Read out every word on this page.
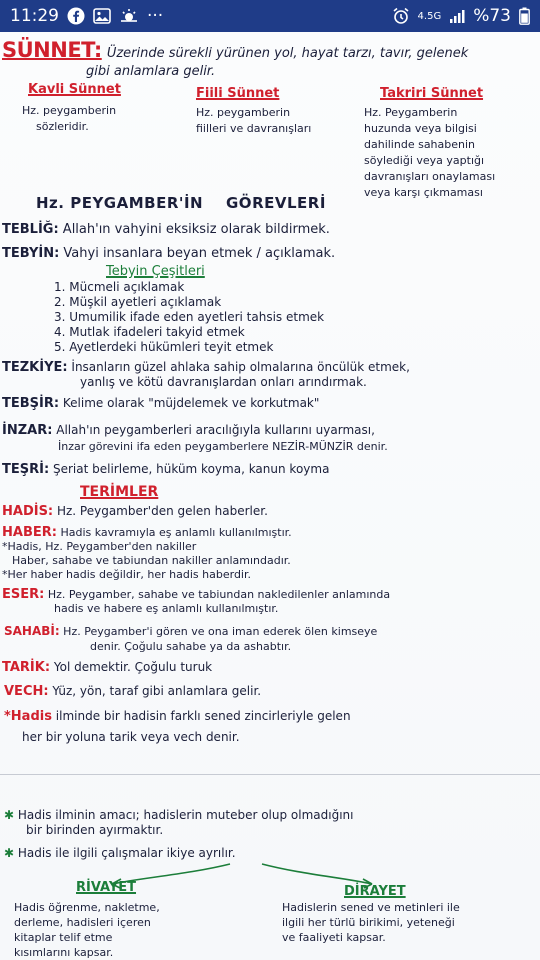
11:29	···	4.5G %73
SÜNNET: Üzerinde sürekli yürünen yol, hayat tarzı, tavır, gelenek
gibi anlamlara gelir.
Kavli Sünnet
Hz. peygamberin
sözleridir.
Fiili Sünnet
Hz. peygamberin
fiilleri ve davranışları
Takriri Sünnet
Hz. Peygamberin
huzunda veya bilgisi
dahilinde sahabenin
söylediği veya yaptığı
davranışları onaylaması
veya karşı çıkmaması
Hz. PEYGAMBER'İN    GÖREVLERİ
TEBLİĞ: Allah'ın vahyini eksiksiz olarak bildirmek.
TEBYİN: Vahyi insanlara beyan etmek / açıklamak.
Tebyin Çeşitleri
1. Mücmeli açıklamak
2. Müşkil ayetleri açıklamak
3. Umumilik ifade eden ayetleri tahsis etmek
4. Mutlak ifadeleri takyid etmek
5. Ayetlerdeki hükümleri teyit etmek
TEZKİYE: İnsanların güzel ahlaka sahip olmalarına öncülük etmek,
yanlış ve kötü davranışlardan onları arındırmak.
TEBŞİR: Kelime olarak "müjdelemek ve korkutmak"
İNZAR: Allah'ın peygamberleri aracılığıyla kullarını uyarması,
İnzar görevini ifa eden peygamberlere NEZİR-MÜNZİR denir.
TEŞRİ: Şeriat belirleme, hüküm koyma, kanun koyma
TERİMLER
HADİS: Hz. Peygamber'den gelen haberler.
HABER: Hadis kavramıyla eş anlamlı kullanılmıştır.
*Hadis, Hz. Peygamber'den nakiller
Haber, sahabe ve tabiundan nakiller anlamındadır.
*Her haber hadis değildir, her hadis haberdir.
ESER: Hz. Peygamber, sahabe ve tabiundan nakledilenler anlamında
hadis ve habere eş anlamlı kullanılmıştır.
SAHABİ: Hz. Peygamber'i gören ve ona iman ederek ölen kimseye
denir. Çoğulu sahabe ya da ashabtır.
TARİK: Yol demektir. Çoğulu turuk
VECH: Yüz, yön, taraf gibi anlamlara gelir.
*Hadis ilminde bir hadisin farklı sened zincirleriyle gelen
her bir yoluna tarik veya vech denir.
✱ Hadis ilminin amacı; hadislerin muteber olup olmadığını
bir birinden ayırmaktır.
✱ Hadis ile ilgili çalışmalar ikiye ayrılır.
RİVAYET
Hadis öğrenme, nakletme,
derleme, hadisleri içeren
kitaplar telif etme
kısımlarını kapsar.
DİRAYET
Hadislerin sened ve metinleri ile
ilgili her türlü birikimi, yeteneği
ve faaliyeti kapsar.
